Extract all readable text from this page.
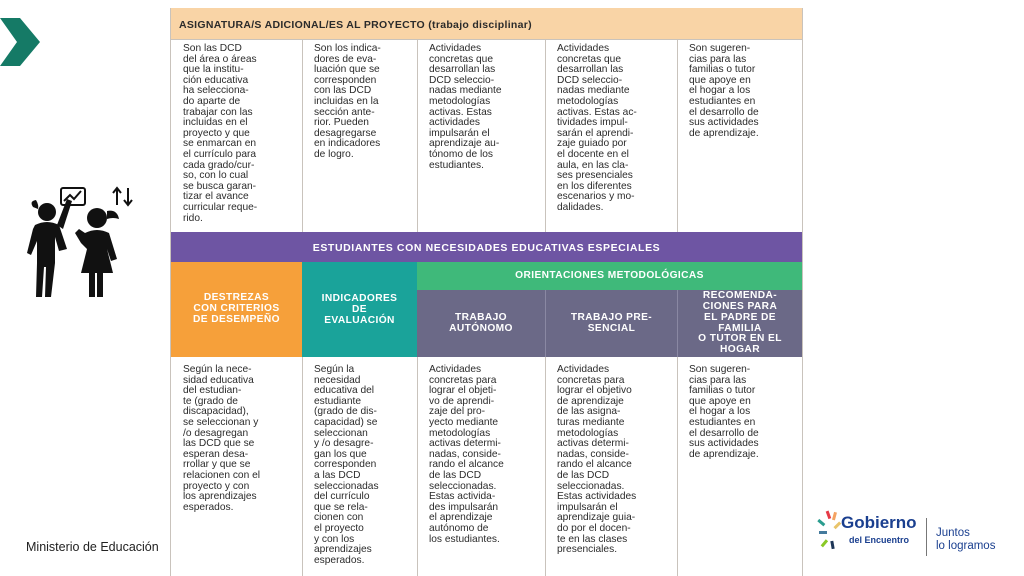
Ministerio de Educación
ASIGNATURA/S ADICIONAL/ES AL PROYECTO (trabajo disciplinar)
Son las DCD
del área o áreas
que la institu-
ción educativa
ha selecciona-
do aparte de
trabajar con las
incluidas en el
proyecto y que
se enmarcan en
el currículo para
cada grado/cur-
so, con lo cual
se busca garan-
tizar el avance
curricular reque-
rido.
Son los indica-
dores de eva-
luación que se
corresponden
con las DCD
incluidas en la
sección ante-
rior. Pueden
desagregarse
en indicadores
de logro.
Actividades
concretas que
desarrollan las
DCD seleccio-
nadas mediante
metodologías
activas. Estas
actividades
impulsarán el
aprendizaje au-
tónomo de los
estudiantes.
Actividades
concretas que
desarrollan las
DCD seleccio-
nadas mediante
metodologías
activas. Estas ac-
tividades impul-
sarán el aprendi-
zaje guiado por
el docente en el
aula, en las cla-
ses presenciales
en los diferentes
escenarios y mo-
dalidades.
Son sugeren-
cias para las
familias o tutor
que apoye en
el hogar a los
estudiantes en
el desarrollo de
sus actividades
de aprendizaje.
ESTUDIANTES CON NECESIDADES EDUCATIVAS ESPECIALES
DESTREZAS
CON CRITERIOS
DE DESEMPEÑO
INDICADORES
DE
EVALUACIÓN
ORIENTACIONES METODOLÓGICAS
TRABAJO
AUTÓNOMO
TRABAJO PRE-
SENCIAL
RECOMENDA-
CIONES PARA
EL PADRE DE
FAMILIA
O TUTOR EN EL
HOGAR
Según la nece-
sidad educativa
del estudian-
te (grado de
discapacidad),
se seleccionan y
/o desagregan
las DCD que se
esperan desa-
rrollar y que se
relacionen con el
proyecto y con
los aprendizajes
esperados.
Según la
necesidad
educativa del
estudiante
(grado de dis-
capacidad) se
seleccionan
y /o desagre-
gan los que
corresponden
a las DCD
seleccionadas
del currículo
que se rela-
cionen con
el proyecto
y con los
aprendizajes
esperados.
Actividades
concretas para
lograr el objeti-
vo de aprendi-
zaje del pro-
yecto mediante
metodologías
activas determi-
nadas, conside-
rando el alcance
de las DCD
seleccionadas.
Estas activida-
des impulsarán
el aprendizaje
autónomo de
los estudiantes.
Actividades
concretas para
lograr el objetivo
de aprendizaje
de las asigna-
turas mediante
metodologías
activas determi-
nadas, conside-
rando el alcance
de las DCD
seleccionadas.
Estas actividades
impulsarán el
aprendizaje guia-
do por el docen-
te en las clases
presenciales.
Son sugeren-
cias para las
familias o tutor
que apoye en
el hogar a los
estudiantes en
el desarrollo de
sus actividades
de aprendizaje.
Gobierno
del Encuentro
Juntos
lo logramos
